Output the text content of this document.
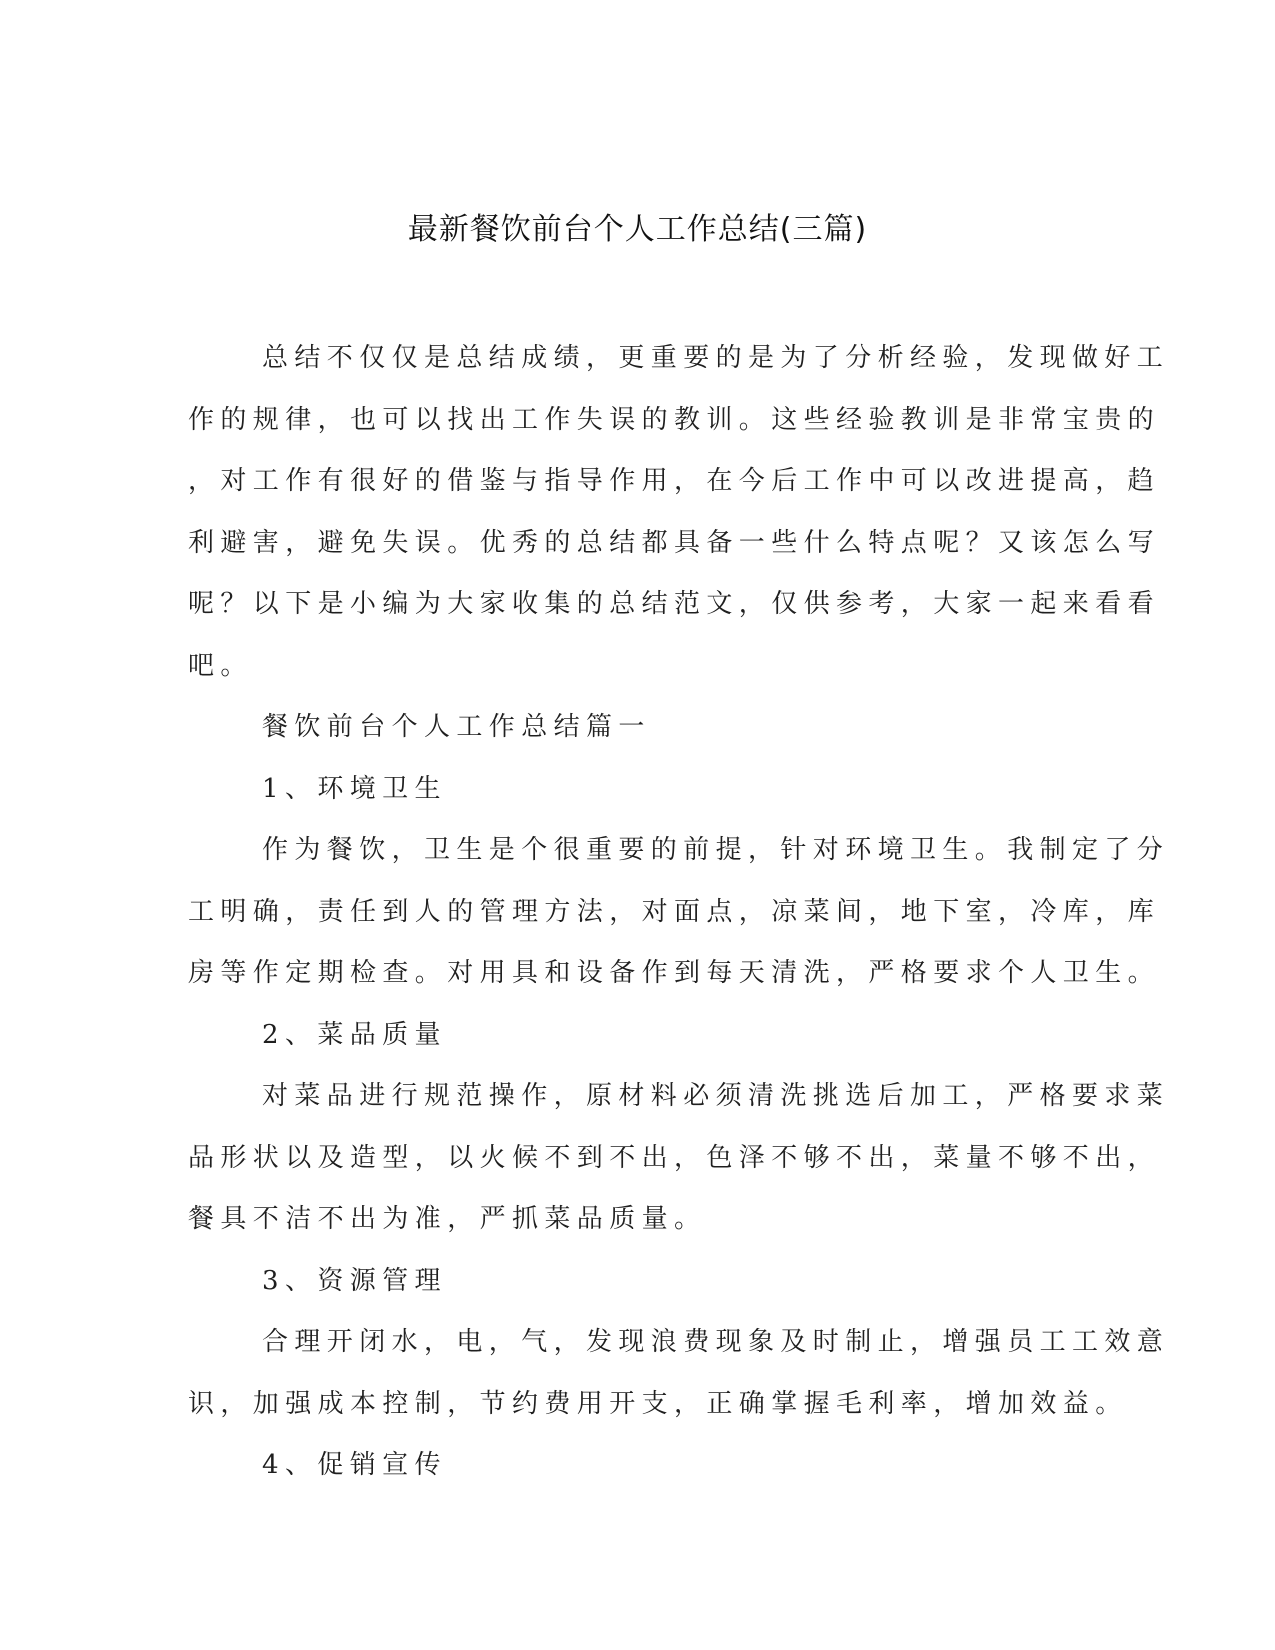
最新餐饮前台个人工作总结(三篇)
总结不仅仅是总结成绩，更重要的是为了分析经验，发现做好工
作的规律，也可以找出工作失误的教训。这些经验教训是非常宝贵的
，对工作有很好的借鉴与指导作用，在今后工作中可以改进提高，趋
利避害，避免失误。优秀的总结都具备一些什么特点呢？又该怎么写
呢？以下是小编为大家收集的总结范文，仅供参考，大家一起来看看
吧。
餐饮前台个人工作总结篇一
1、环境卫生
作为餐饮，卫生是个很重要的前提，针对环境卫生。我制定了分
工明确，责任到人的管理方法，对面点，凉菜间，地下室，冷库，库
房等作定期检查。对用具和设备作到每天清洗，严格要求个人卫生。
2、菜品质量
对菜品进行规范操作，原材料必须清洗挑选后加工，严格要求菜
品形状以及造型，以火候不到不出，色泽不够不出，菜量不够不出，
餐具不洁不出为准，严抓菜品质量。
3、资源管理
合理开闭水，电，气，发现浪费现象及时制止，增强员工工效意
识，加强成本控制，节约费用开支，正确掌握毛利率，增加效益。
4、促销宣传
